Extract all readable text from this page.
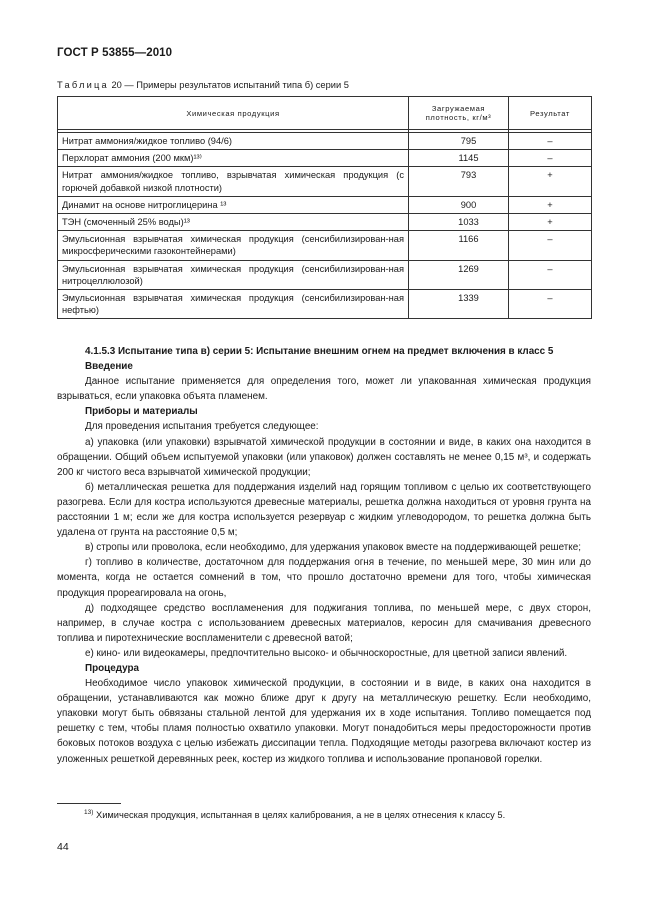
ГОСТ Р 53855—2010
Таблица 20 — Примеры результатов испытаний типа б) серии 5
Химическая продукция	Загружаемая плотность, кг/м³	Результат

Нитрат аммония/жидкое топливо (94/6)	795	–
Перхлорат аммония (200 мкм)¹³⁾	1145	–
Нитрат аммония/жидкое топливо, взрывчатая химическая продукция (с горючей добавкой низкой плотности)	793	+
Динамит на основе нитроглицерина ¹³	900	+
ТЭН (смоченный 25% воды)¹³	1033	+
Эмульсионная взрывчатая химическая продукция (сенсибилизирован-ная микросферическими газоконтейнерами)	1166	–
Эмульсионная взрывчатая химическая продукция (сенсибилизирован-ная нитроцеллюлозой)	1269	–
Эмульсионная взрывчатая химическая продукция (сенсибилизирован-ная нефтью)	1339	–

4.1.5.3 Испытание типа в) серии 5: Испытание внешним огнем на предмет включения в класс 5

Введение

Данное испытание применяется для определения того, может ли упакованная химическая продукция взрываться, если упаковка объята пламенем.

Приборы и материалы

Для проведения испытания требуется следующее:

а) упаковка (или упаковки) взрывчатой химической продукции в состоянии и виде, в каких она находится в обращении. Общий объем испытуемой упаковки (или упаковок) должен составлять не менее 0,15 м³, и содержать 200 кг чистого веса взрывчатой химической продукции;

б) металлическая решетка для поддержания изделий над горящим топливом с целью их соответствующего разогрева. Если для костра используются древесные материалы, решетка должна находиться от уровня грунта на расстоянии 1 м; если же для костра используется резервуар с жидким углеводородом, то решетка должна быть удалена от грунта на расстояние 0,5 м;

в) стропы или проволока, если необходимо, для удержания упаковок вместе на поддерживающей решетке;

г) топливо в количестве, достаточном для поддержания огня в течение, по меньшей мере, 30 мин или до момента, когда не остается сомнений в том, что прошло достаточно времени для того, чтобы химическая продукция прореагировала на огонь,

д) подходящее средство воспламенения для поджигания топлива, по меньшей мере, с двух сторон, например, в случае костра с использованием древесных материалов, керосин для смачивания древесного топлива и пиротехнические воспламенители с древесной ватой;

е) кино- или видеокамеры, предпочтительно высоко- и обычноскоростные, для цветной записи явлений.

Процедура

Необходимое число упаковок химической продукции, в состоянии и в виде, в каких она находится в обращении, устанавливаются как можно ближе друг к другу на металлическую решетку. Если необходимо, упаковки могут быть обвязаны стальной лентой для удержания их в ходе испытания. Топливо помещается под решетку с тем, чтобы пламя полностью охватило упаковки. Могут понадобиться меры предосторожности против боковых потоков воздуха с целью избежать диссипации тепла. Подходящие методы разогрева включают костер из уложенных решеткой деревянных реек, костер из жидкого топлива и использование пропановой горелки.

$^{13)}$ Химическая продукция, испытанная в целях калибрования, а не в целях отнесения к классу 5.
44
